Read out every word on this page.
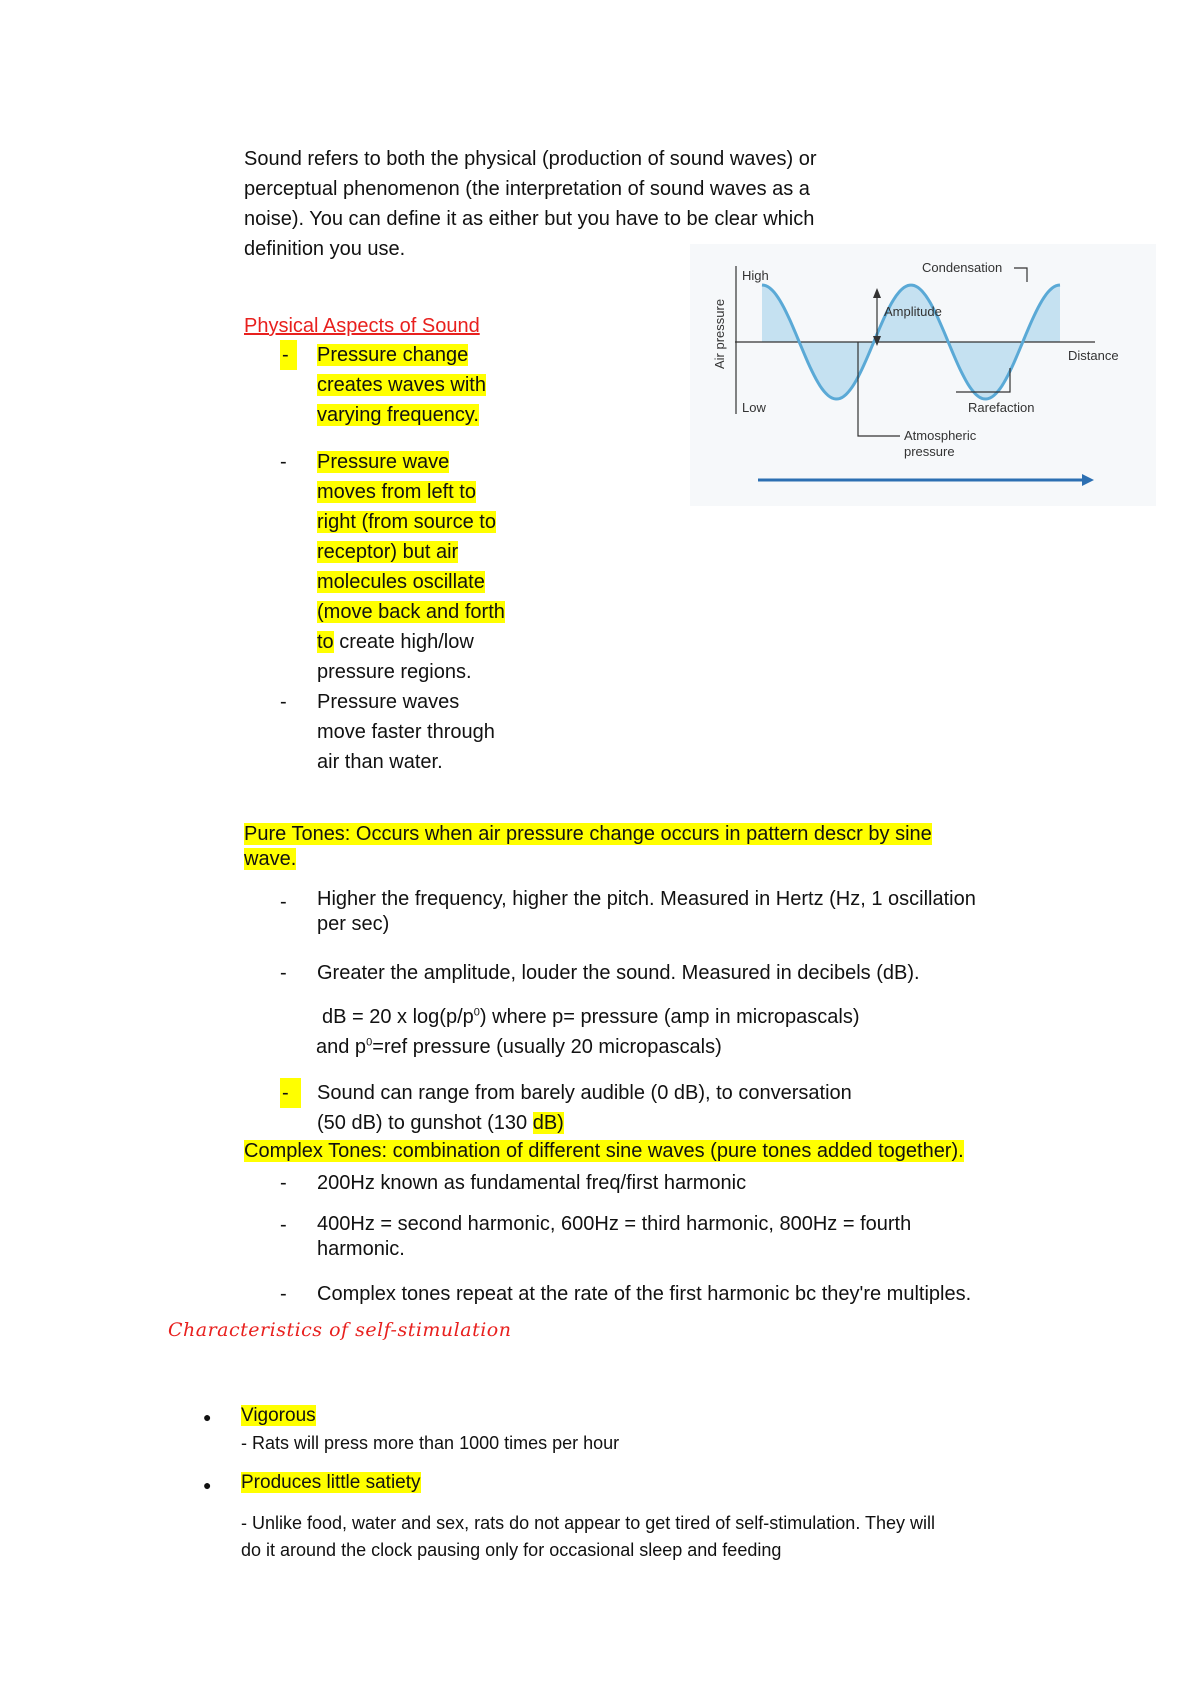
Sound refers to both the physical (production of sound waves) or
perceptual phenomenon (the interpretation of sound waves as a
noise). You can define it as either but you have to be clear which
definition you use.
Physical Aspects of Sound
-	Pressure change
creates waves with
varying frequency.
- Pressure wave
moves from left to
right (from source to
receptor) but air
molecules oscillate
(move back and forth
to create high/low
pressure regions.
- Pressure waves
move faster through
air than water.
High
Low
Air pressure	Amplitude
Condensation
Distance
Rarefaction
Atmospheric
pressure
Pure Tones: Occurs when air pressure change occurs in pattern descr by sine
wave.
- Higher the frequency, higher the pitch. Measured in Hertz (Hz, 1 oscillation
per sec)
- Greater the amplitude, louder the sound. Measured in decibels (dB).
dB = 20 x $\log(p/p^0)$ where p= pressure (amp in micropascals)
and $p^0=ref$ pressure (usually 20 micropascals)
-	Sound can range from barely audible (0 dB), to conversation
(50 dB) to gunshot (130 dB)
Complex Tones: combination of different sine waves (pure tones added together).
- 200Hz known as fundamental freq/first harmonic
- 400Hz = second harmonic, 600Hz = third harmonic, 800Hz = fourth
harmonic.
- Complex tones repeat at the rate of the first harmonic bc they're multiples.
Characteristics of self-stimulation
● Vigorous
- Rats will press more than 1000 times per hour
● Produces little satiety
- Unlike food, water and sex, rats do not appear to get tired of self-stimulation. They will
do it around the clock pausing only for occasional sleep and feeding
